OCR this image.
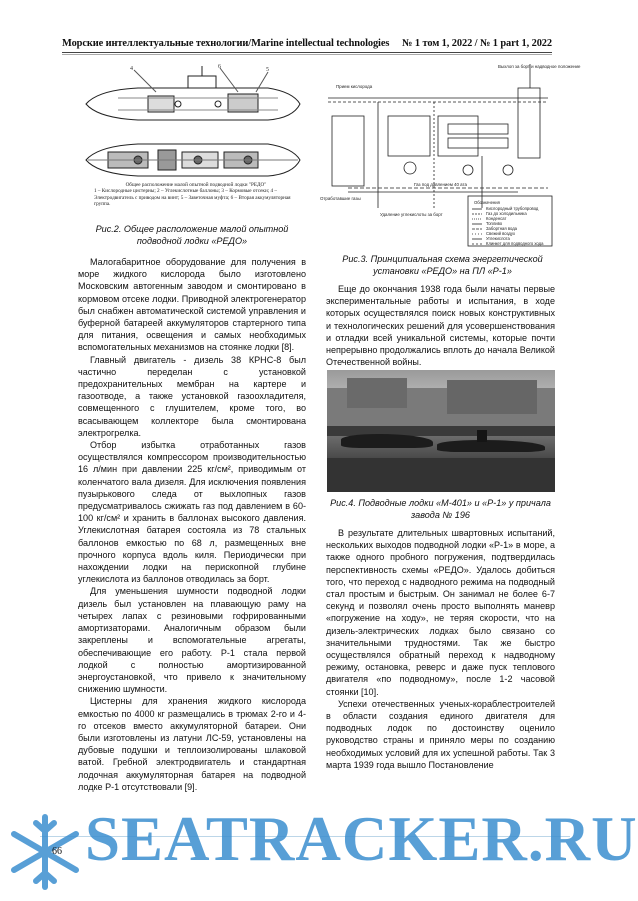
Морские интеллектуальные технологии/Marine intellectual technologies № 1 том 1, 2022 / № 1 part 1, 2022
4	6	5
Общее расположение малой опытной подводной лодки "РЕДО"
1 – Кислородные цистерны; 2 – Углекислотные баллоны; 3 – Кормовые отсеки; 4 – Электродвигатель с приводом на винт; 5 – Заветочная муфта; 6 – Вторая аккумуляторная группа.
Рис.2. Общее расположение малой опытной подводной лодки «РЕДО»
Прием кислорода
Выхлоп за борт и надводное положение
Отработавшие газы
Удаление углекислоты за борт
Газ под давлением 40 ата
Обозначения
Кислородный трубопровод
Газ до холодильника
Конденсат
Топливо
Забортная вода
Свежий воздух
Углекислота
Клинкет для подводного хода
Рис.3. Принципиальная схема энергетической установки «РЕДО» на ПЛ «Р-1»

Еще до окончания 1938 года были начаты первые экспериментальные работы и испытания, в ходе которых осуществлялся поиск новых конструктивных и технологических решений для усовершенствования и отладки всей уникальной системы, которые почти непрерывно продолжались вплоть до начала Великой Отечественной войны.

Рис.4. Подводные лодки «М-401» и «Р-1» у причала завода № 196

Малогабаритное оборудование для получения в море жидкого кислорода было изготовлено Московским автогенным заводом и смонтировано в кормовом отсеке лодки. Приводной электрогенератор был снабжен автоматической системой управления и буферной батареей аккумуляторов стартерного типа для питания, освещения и самых необходимых вспомогательных механизмов на стоянке лодки [8].

Главный двигатель - дизель 38 КРНС-8 был частично переделан с установкой предохранительных мембран на картере и газоотводе, а также установкой газоохладителя, совмещенного с глушителем, кроме того, во всасывающем коллекторе была смонтирована электрогрелка.

Отбор избытка отработанных газов осуществлялся компрессором производительностью 16 л/мин при давлении 225 кг/см², приводимым от коленчатого вала дизеля. Для исключения появления пузырькового следа от выхлопных газов предусматривалось сжижать газ под давлением в 60-100 кг/см² и хранить в баллонах высокого давления. Углекислотная батарея состояла из 78 стальных баллонов емкостью по 68 л, размещенных вне прочного корпуса вдоль киля. Периодически при нахождении лодки на перископной глубине углекислота из баллонов отводилась за борт.

Для уменьшения шумности подводной лодки дизель был установлен на плавающую раму на четырех лапах с резиновыми гофрированными амортизаторами. Аналогичным образом были закреплены и вспомогательные агрегаты, обеспечивающие его работу. Р-1 стала первой лодкой с полностью амортизированной энергоустановкой, что привело к значительному снижению шумности.

Цистерны для хранения жидкого кислорода емкостью по 4000 кг размещались в трюмах 2-го и 4-го отсеков вместо аккумуляторной батареи. Они были изготовлены из латуни ЛС-59, установлены на дубовые подушки и теплоизолированы шлаковой ватой. Гребной электродвигатель и стандартная лодочная аккумуляторная батарея на подводной лодке Р-1 отсутствовали [9].

В результате длительных швартовных испытаний, нескольких выходов подводной лодки «Р-1» в море, а также одного пробного погружения, подтвердилась перспективность схемы «РЕДО». Удалось добиться того, что переход с надводного режима на подводный стал простым и быстрым. Он занимал не более 6-7 секунд и позволял очень просто выполнять маневр «погружение на ходу», не теряя скорости, что на дизель-электрических лодках было связано со значительными трудностями. Так же быстро осуществлялся обратный переход к надводному режиму, остановка, реверс и даже пуск теплового двигателя «по подводному», после 1-2 часовой стоянки [10].

Успехи отечественных ученых-кораблестроителей в области создания единого двигателя для подводных лодок по достоинству оценило руководство страны и приняло меры по созданию необходимых условий для их успешной работы. Так 3 марта 1939 года вышло Постановление

66 SEATRACKER.RU
